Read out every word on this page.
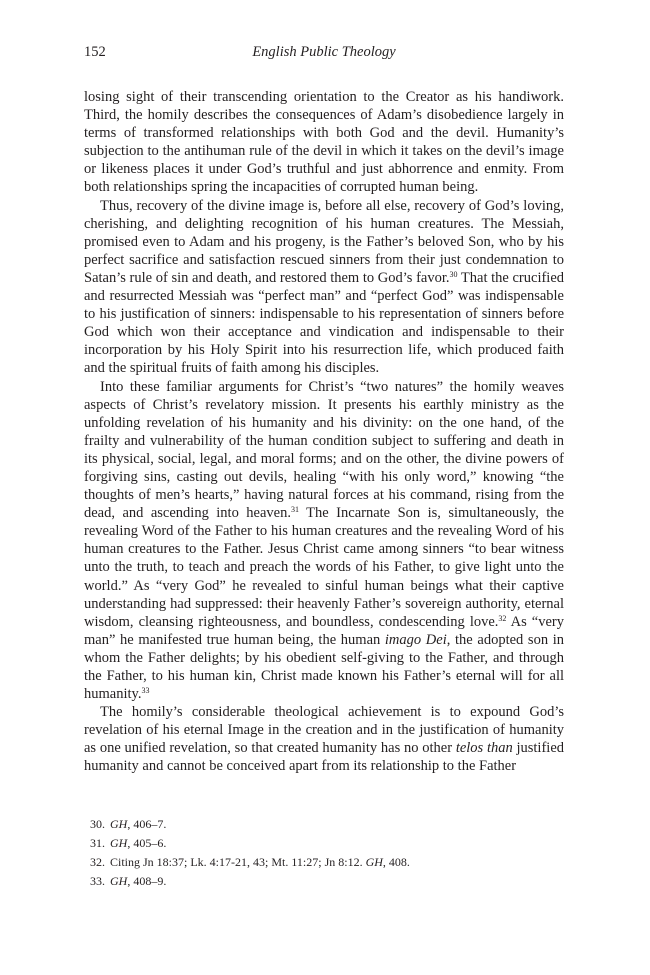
152	English Public Theology

losing sight of their transcending orientation to the Creator as his handiwork. Third, the homily describes the consequences of Adam’s disobedience largely in terms of transformed relationships with both God and the devil. Humanity’s subjection to the antihuman rule of the devil in which it takes on the devil’s image or likeness places it under God’s truthful and just abhorrence and enmity. From both relationships spring the incapacities of corrupted human being.

Thus, recovery of the divine image is, before all else, recovery of God’s loving, cherishing, and delighting recognition of his human creatures. The Messiah, promised even to Adam and his progeny, is the Father’s beloved Son, who by his perfect sacrifice and satisfaction rescued sinners from their just condemnation to Satan’s rule of sin and death, and restored them to God’s favor.$^{30}$ That the crucified and resurrected Messiah was “perfect man” and “perfect God” was indispensable to his justification of sinners: indispensable to his representation of sinners before God which won their acceptance and vindication and indispensable to their incorporation by his Holy Spirit into his resurrection life, which produced faith and the spiritual fruits of faith among his disciples.

Into these familiar arguments for Christ’s “two natures” the homily weaves aspects of Christ’s revelatory mission. It presents his earthly ministry as the unfolding revelation of his humanity and his divinity: on the one hand, of the frailty and vulnerability of the human condition subject to suffering and death in its physical, social, legal, and moral forms; and on the other, the divine powers of forgiving sins, casting out devils, healing “with his only word,” knowing “the thoughts of men’s hearts,” having natural forces at his command, rising from the dead, and ascending into heaven.$^{31}$ The Incarnate Son is, simultaneously, the revealing Word of the Father to his human creatures and the revealing Word of his human creatures to the Father. Jesus Christ came among sinners “to bear witness unto the truth, to teach and preach the words of his Father, to give light unto the world.” As “very God” he revealed to sinful human beings what their captive understanding had suppressed: their heavenly Father’s sovereign authority, eternal wisdom, cleansing righteousness, and boundless, condescending love.$^{32}$ As “very man” he manifested true human being, the human imago Dei, the adopted son in whom the Father delights; by his obedient self-giving to the Father, and through the Father, to his human kin, Christ made known his Father’s eternal will for all humanity.$^{33}$

The homily’s considerable theological achievement is to expound God’s revelation of his eternal Image in the creation and in the justification of humanity as one unified revelation, so that created humanity has no other telos than justified humanity and cannot be conceived apart from its relationship to the Father

30. GH, 406–7.
31. GH, 405–6.
32. Citing Jn 18:37; Lk. 4:17-21, 43; Mt. 11:27; Jn 8:12. GH, 408.
33. GH, 408–9.
